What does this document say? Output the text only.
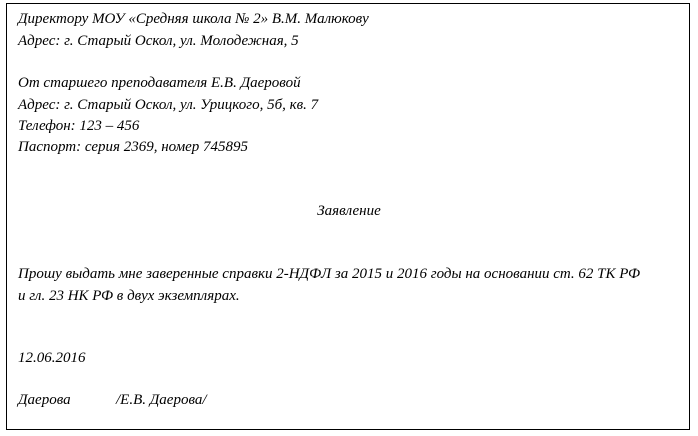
Директору МОУ «Средняя школа № 2» В.М. Малюкову
Адрес: г. Старый Оскол, ул. Молодежная, 5
От старшего преподавателя Е.В. Даеровой
Адрес: г. Старый Оскол, ул. Урицкого, 5б, кв. 7
Телефон: 123 – 456
Паспорт: серия 2369, номер 745895
Заявление
Прошу выдать мне заверенные справки 2-НДФЛ за 2015 и 2016 годы на основании ст. 62 ТК РФ
и гл. 23 НК РФ в двух экземплярах.
12.06.2016
Даерова	/Е.В. Даерова/
